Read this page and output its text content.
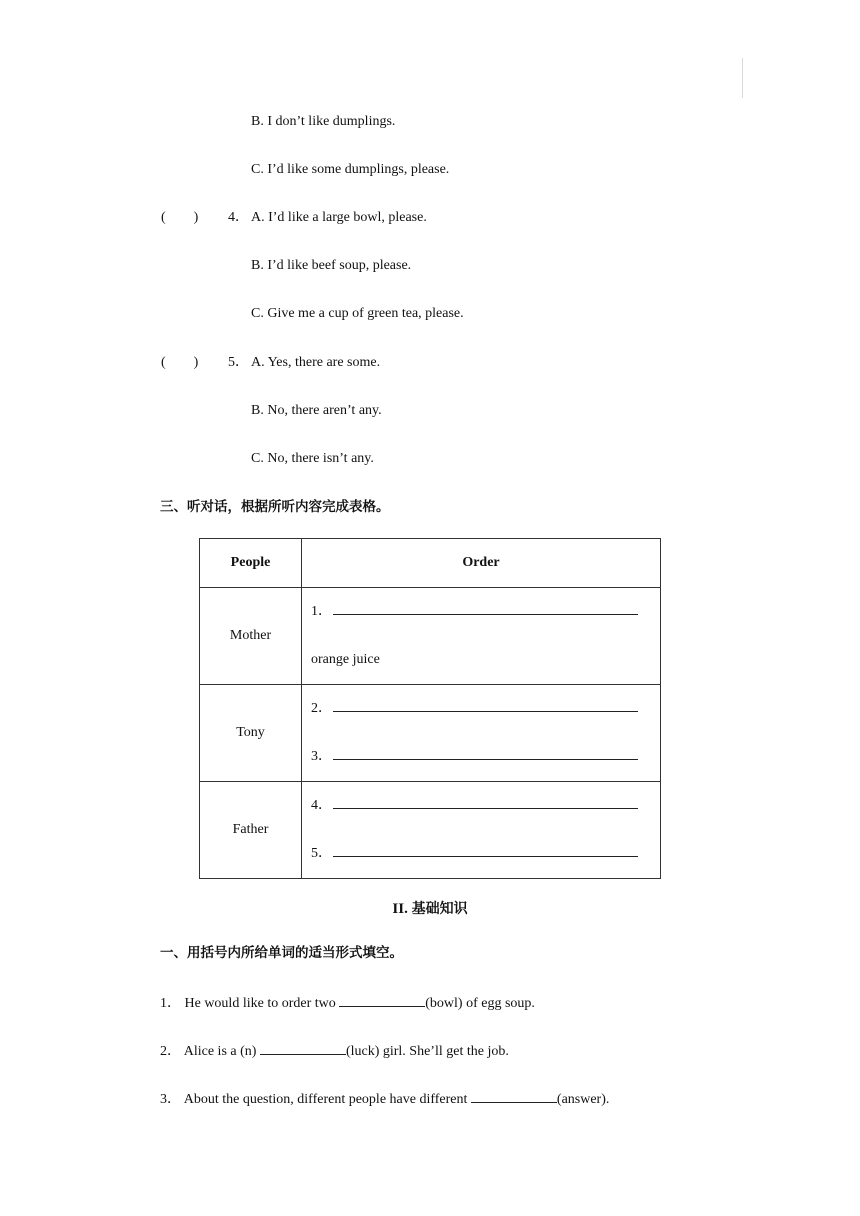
B. I don’t like dumplings.
C. I’d like some dumplings, please.
(　　) 4． A. I’d like a large bowl, please.
B. I’d like beef soup, please.
C. Give me a cup of green tea, please.
(　　) 5． A. Yes, there are some.
B. No, there aren’t any.
C. No, there isn’t any.
三、听对话，根据所听内容完成表格。
People	Order
Mother	1．
orange juice

Tony	2．
3．

Father	4．
5．
II. 基础知识
一、用括号内所给单词的适当形式填空。
1． He would like to order two	(bowl) of egg soup.
2． Alice is a (n)	(luck) girl. She’ll get the job.
3． About the question, different people have different	(answer).
